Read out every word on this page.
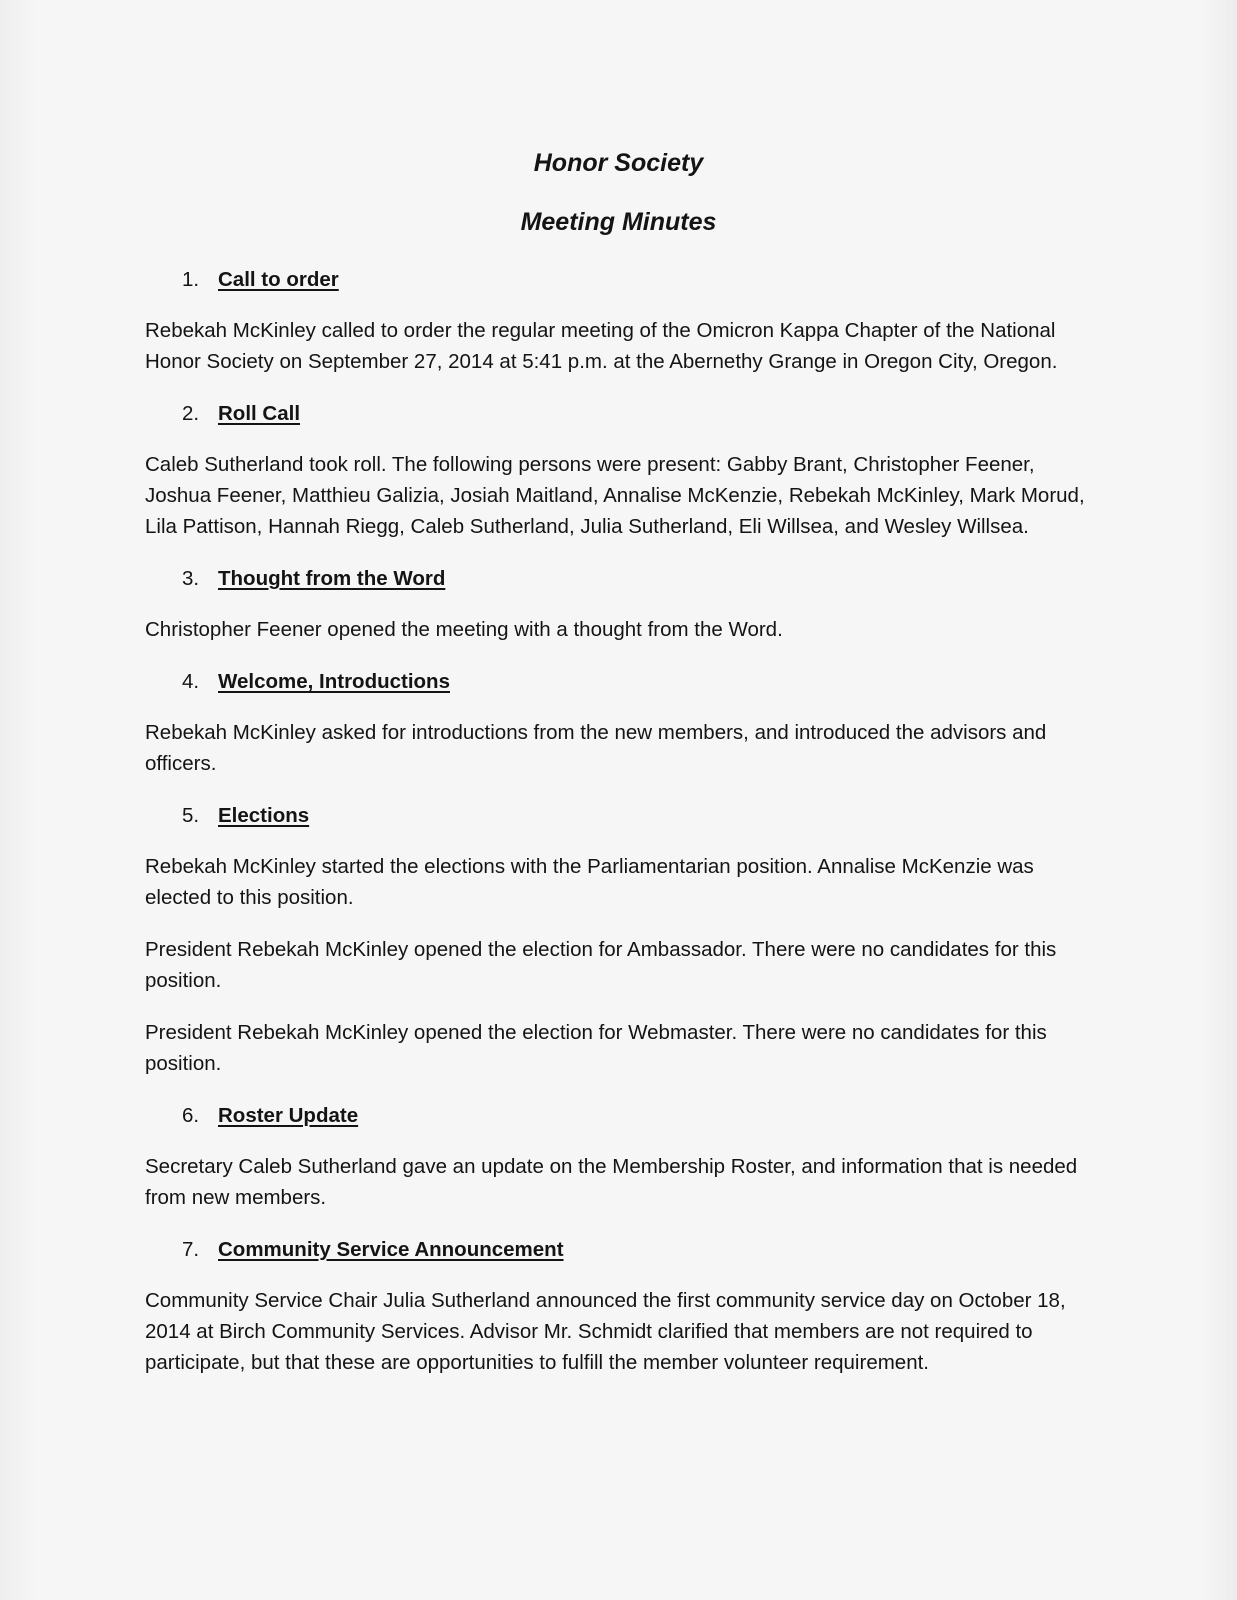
Honor Society
Meeting Minutes
1. Call to order

Rebekah McKinley called to order the regular meeting of the Omicron Kappa Chapter of the National Honor Society on September 27, 2014 at 5:41 p.m. at the Abernethy Grange in Oregon City, Oregon.

2. Roll Call

Caleb Sutherland took roll. The following persons were present: Gabby Brant, Christopher Feener, Joshua Feener, Matthieu Galizia, Josiah Maitland, Annalise McKenzie, Rebekah McKinley, Mark Morud, Lila Pattison, Hannah Riegg, Caleb Sutherland, Julia Sutherland, Eli Willsea, and Wesley Willsea.

3. Thought from the Word

Christopher Feener opened the meeting with a thought from the Word.

4. Welcome, Introductions

Rebekah McKinley asked for introductions from the new members, and introduced the advisors and officers.

5. Elections

Rebekah McKinley started the elections with the Parliamentarian position. Annalise McKenzie was elected to this position.

President Rebekah McKinley opened the election for Ambassador. There were no candidates for this position.

President Rebekah McKinley opened the election for Webmaster. There were no candidates for this position.

6. Roster Update

Secretary Caleb Sutherland gave an update on the Membership Roster, and information that is needed from new members.

7. Community Service Announcement

Community Service Chair Julia Sutherland announced the first community service day on October 18, 2014 at Birch Community Services. Advisor Mr. Schmidt clarified that members are not required to participate, but that these are opportunities to fulfill the member volunteer requirement.
